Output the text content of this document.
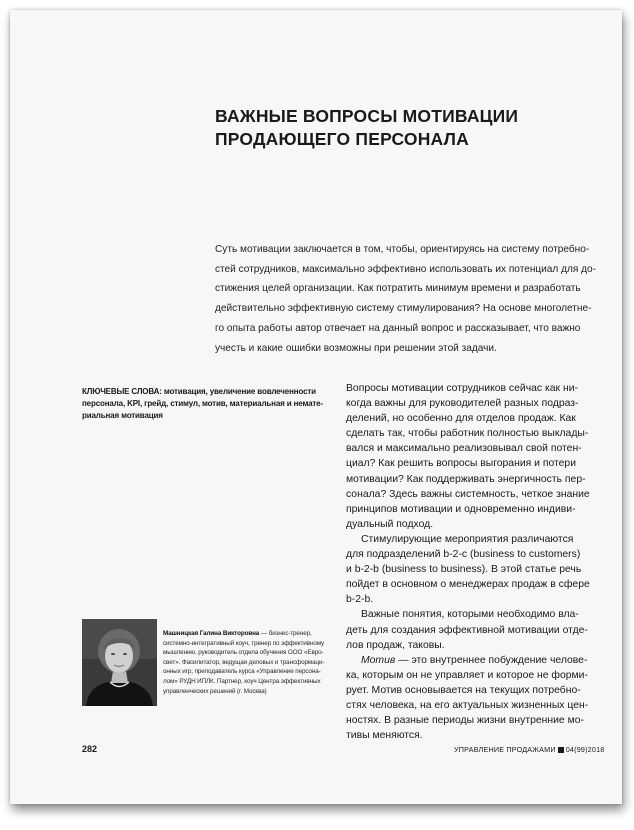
ВАЖНЫЕ ВОПРОСЫ МОТИВАЦИИ
ПРОДАЮЩЕГО ПЕРСОНАЛА
Суть мотивации заключается в том, чтобы, ориентируясь на систему потребно-
стей сотрудников, максимально эффективно использовать их потенциал для до-
стижения целей организации. Как потратить минимум времени и разработать
действительно эффективную систему стимулирования? На основе многолетне-
го опыта работы автор отвечает на данный вопрос и рассказывает, что важно
учесть и какие ошибки возможны при решении этой задачи.
КЛЮЧЕВЫЕ СЛОВА: мотивация, увеличение вовлеченности
персонала, KPI, грейд, стимул, мотив, материальная и немате-
риальная мотивация
Вопросы мотивации сотрудников сейчас как ни-
когда важны для руководителей разных подраз-
делений, но особенно для отделов продаж. Как
сделать так, чтобы работник полностью выклады-
вался и максимально реализовывал свой потен-
циал? Как решить вопросы выгорания и потери
мотивации? Как поддерживать энергичность пер-
сонала? Здесь важны системность, четкое знание
принципов мотивации и одновременно индиви-
дуальный подход.
Стимулирующие мероприятия различаются
для подразделений b-2-c (business to customers)
и b-2-b (business to business). В этой статье речь
пойдет в основном о менеджерах продаж в сфере
b-2-b.
Важные понятия, которыми необходимо вла-
деть для создания эффективной мотивации отде-
лов продаж, таковы.
Мотив — это внутреннее побуждение челове-
ка, которым он не управляет и которое не форми-
рует. Мотив основывается на текущих потребно-
стях человека, на его актуальных жизненных цен-
ностях. В разные периоды жизни внутренние мо-
тивы меняются.
Машницкая Галина Викторовна — бизнес-тренер,
системно-интегративный коуч, тренер по эффективному
мышлению, руководитель отдела обучения ООО «Евро-
свет». Фасилитатор, ведущая деловых и трансформаци-
онных игр, преподаватель курса «Управление персона-
лом» РУДН ИПЛК. Партнер, коуч Центра эффективных
управленческих решений (г. Москва)
282	УПРАВЛЕНИЕ ПРОДАЖАМИ 04(99)2018
